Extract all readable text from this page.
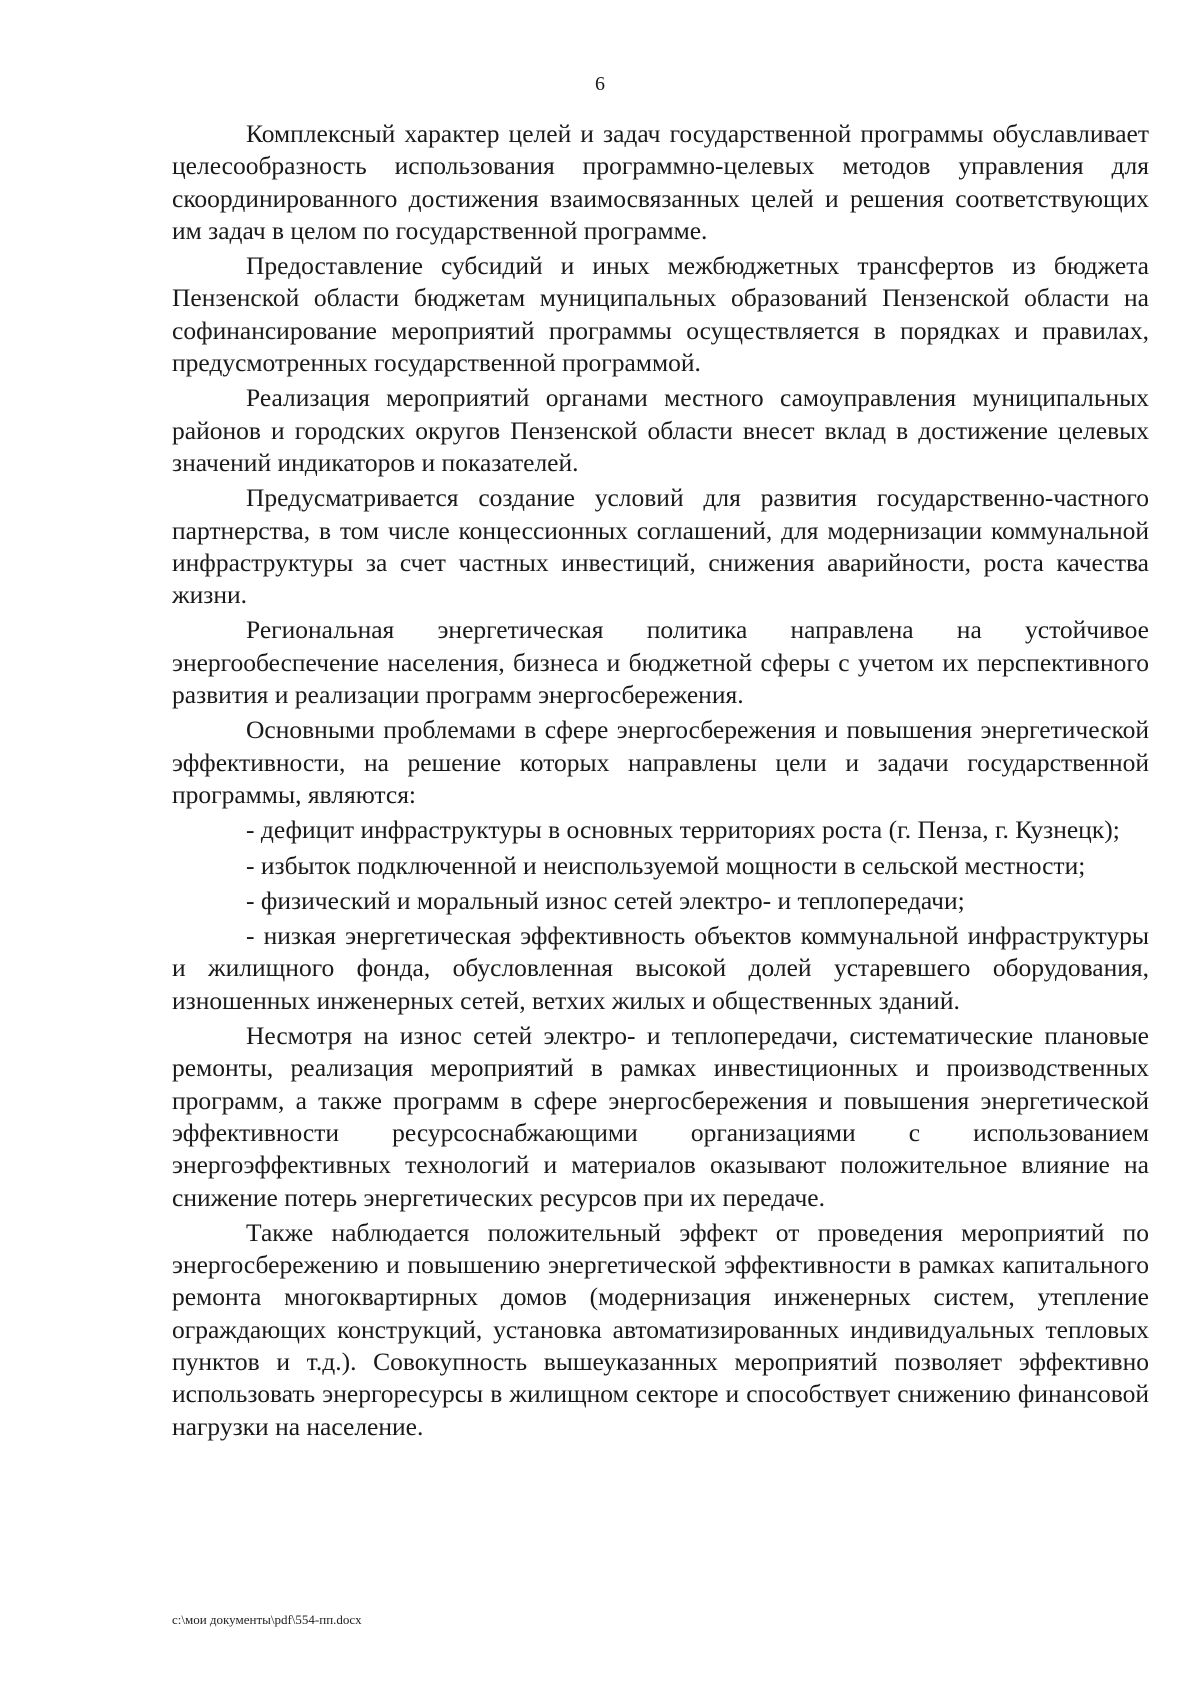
6

Комплексный характер целей и задач государственной программы обуславливает целесообразность использования программно-целевых методов управления для скоординированного достижения взаимосвязанных целей и решения соответствующих им задач в целом по государственной программе.

Предоставление субсидий и иных межбюджетных трансфертов из бюджета Пензенской области бюджетам муниципальных образований Пензенской области на софинансирование мероприятий программы осуществляется в порядках и правилах, предусмотренных государственной программой.

Реализация мероприятий органами местного самоуправления муниципальных районов и городских округов Пензенской области внесет вклад в достижение целевых значений индикаторов и показателей.

Предусматривается создание условий для развития государственно-частного партнерства, в том числе концессионных соглашений, для модернизации коммунальной инфраструктуры за счет частных инвестиций, снижения аварийности, роста качества жизни.

Региональная энергетическая политика направлена на устойчивое энергообеспечение населения, бизнеса и бюджетной сферы с учетом их перспективного развития и реализации программ энергосбережения.

Основными проблемами в сфере энергосбережения и повышения энергетической эффективности, на решение которых направлены цели и задачи государственной программы, являются:

- дефицит инфраструктуры в основных территориях роста (г. Пенза, г. Кузнецк);

- избыток подключенной и неиспользуемой мощности в сельской местности;

- физический и моральный износ сетей электро- и теплопередачи;

- низкая энергетическая эффективность объектов коммунальной инфраструктуры и жилищного фонда, обусловленная высокой долей устаревшего оборудования, изношенных инженерных сетей, ветхих жилых и общественных зданий.

Несмотря на износ сетей электро- и теплопередачи, систематические плановые ремонты, реализация мероприятий в рамках инвестиционных и производственных программ, а также программ в сфере энергосбережения и повышения энергетической эффективности ресурсоснабжающими организациями с использованием энергоэффективных технологий и материалов оказывают положительное влияние на снижение потерь энергетических ресурсов при их передаче.

Также наблюдается положительный эффект от проведения мероприятий по энергосбережению и повышению энергетической эффективности в рамках капитального ремонта многоквартирных домов (модернизация инженерных систем, утепление ограждающих конструкций, установка автоматизированных индивидуальных тепловых пунктов и т.д.). Совокупность вышеуказанных мероприятий позволяет эффективно использовать энергоресурсы в жилищном секторе и способствует снижению финансовой нагрузки на население.

c:\мои документы\pdf\554-пп.docx
